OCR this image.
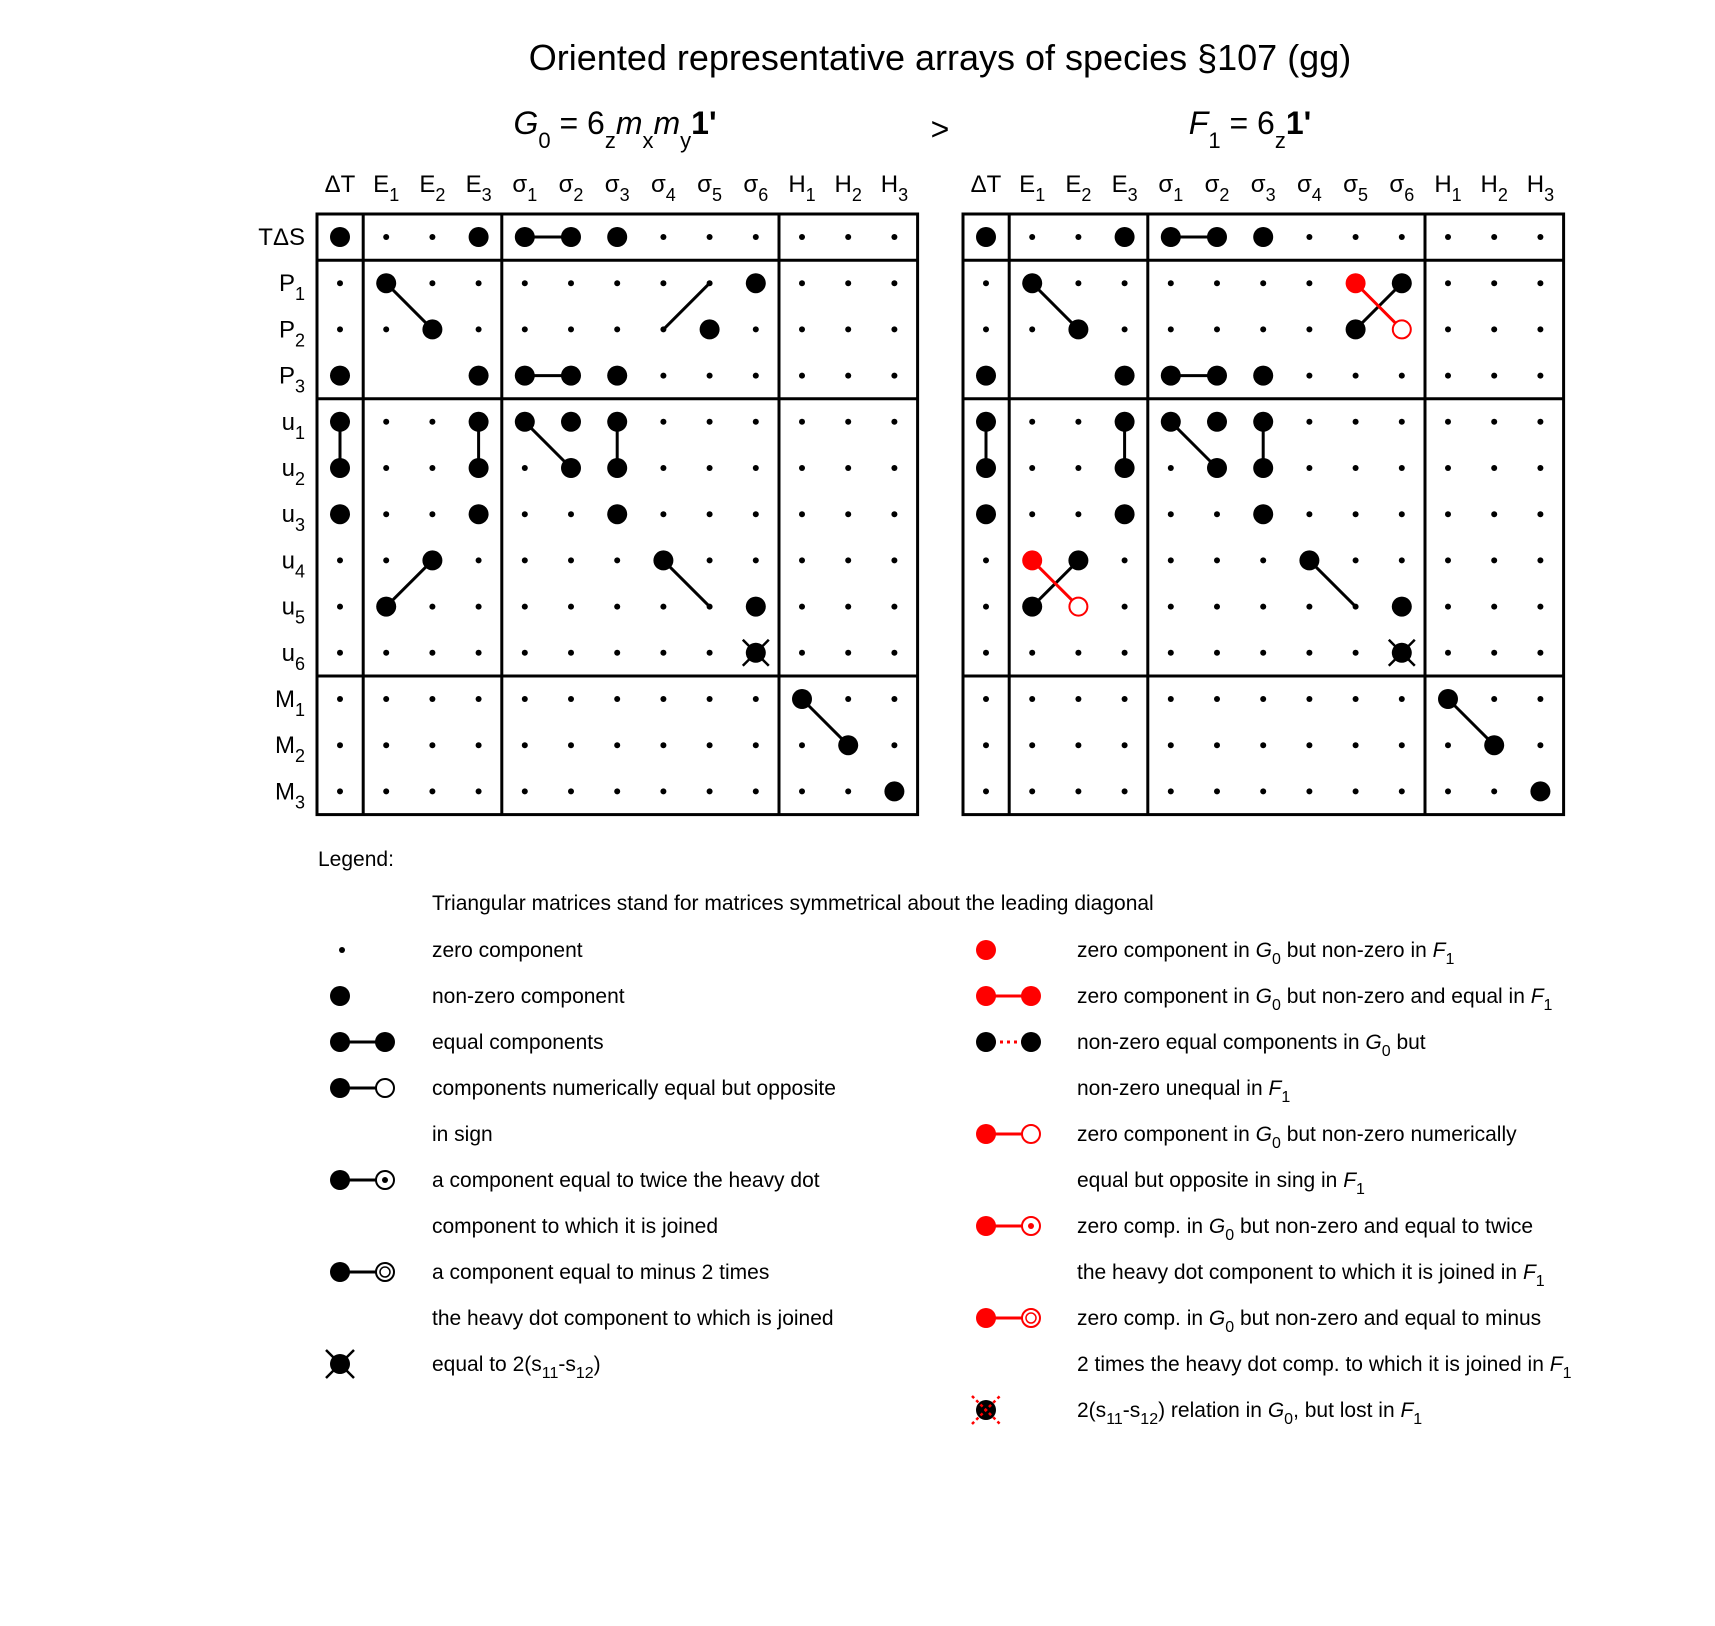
Oriented representative arrays of species §107 (gg)
>
$G_0 = 6_zm_xm_y1'$	$F_1 = 6_z1'$
ΔT $E_1$ $E_2$ $E_3$ $\sigma_1$ $\sigma_2$ $\sigma_3$ $\sigma_4$ $\sigma_5$ $\sigma_6$ $H_1$ $H_2$ $H_3$
TΔS
$P_1$
$P_2$
$P_3$
$u_1$
$u_2$
$u_3$
$u_4$
$u_5$
$u_6$
$M_1$
$M_2$
$M_3$
ΔT $E_1$ $E_2$ $E_3$ $\sigma_1$ $\sigma_2$ $\sigma_3$ $\sigma_4$ $\sigma_5$ $\sigma_6$ $H_1$ $H_2$ $H_3$
Legend:
Triangular matrices stand for matrices symmetrical about the leading diagonal
zero component
non-zero component
equal components
components numerically equal but opposite
in sign
a component equal to twice the heavy dot
component to which it is joined
a component equal to minus 2 times
the heavy dot component to which is joined
equal to $2(s_{11}-s_{12})$
zero component in $G_0$ but non-zero in $F_1$
zero component in $G_0$ but non-zero and equal in $F_1$
non-zero equal components in $G_0$ but
non-zero unequal in $F_1$
zero component in $G_0$ but non-zero numerically
equal but opposite in sing in $F_1$
zero comp. in $G_0$ but non-zero and equal to twice
the heavy dot component to which it is joined in $F_1$
zero comp. in $G_0$ but non-zero and equal to minus
2 times the heavy dot comp. to which it is joined in $F_1$
$2(s_{11}-s_{12})$ relation in $G_0$, but lost in $F_1$
